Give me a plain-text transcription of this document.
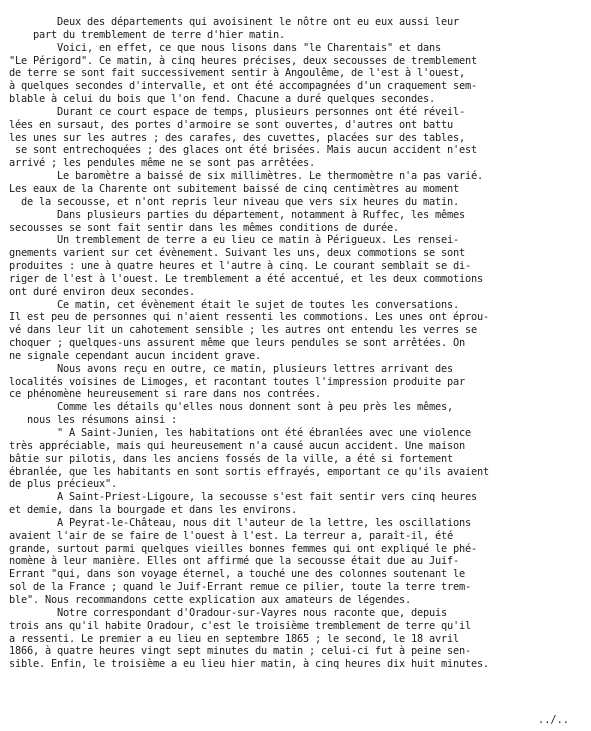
Deux des départements qui avoisinent le nôtre ont eu eux aussi leur
part du tremblement de terre d'hier matin.
Voici, en effet, ce que nous lisons dans "le Charentais" et dans
"Le Périgord". Ce matin, à cinq heures précises, deux secousses de tremblement
de terre se sont fait successivement sentir à Angoulême, de l'est à l'ouest,
à quelques secondes d'intervalle, et ont été accompagnées d'un craquement sem-
blable à celui du bois que l'on fend. Chacune a duré quelques secondes.
Durant ce court espace de temps, plusieurs personnes ont été réveil-
lées en sursaut, des portes d'armoire se sont ouvertes, d'autres ont battu
les unes sur les autres ; des carafes, des cuvettes, placées sur des tables,
se sont entrechoquées ; des glaces ont été brisées. Mais aucun accident n'est
arrivé ; les pendules même ne se sont pas arrêtées.
Le baromètre a baissé de six millimètres. Le thermomètre n'a pas varié.
Les eaux de la Charente ont subitement baissé de cinq centimètres au moment
de la secousse, et n'ont repris leur niveau que vers six heures du matin.
Dans plusieurs parties du département, notamment à Ruffec, les mêmes
secousses se sont fait sentir dans les mêmes conditions de durée.
Un tremblement de terre a eu lieu ce matin à Périgueux. Les rensei-
gnements varient sur cet évènement. Suivant les uns, deux commotions se sont
produites : une à quatre heures et l'autre à cinq. Le courant semblait se di-
riger de l'est à l'ouest. Le tremblement a été accentué, et les deux commotions
ont duré environ deux secondes.
Ce matin, cet évènement était le sujet de toutes les conversations.
Il est peu de personnes qui n'aient ressenti les commotions. Les unes ont éprou-
vé dans leur lit un cahotement sensible ; les autres ont entendu les verres se
choquer ; quelques-uns assurent même que leurs pendules se sont arrêtées. On
ne signale cependant aucun incident grave.
Nous avons reçu en outre, ce matin, plusieurs lettres arrivant des
localités voisines de Limoges, et racontant toutes l'impression produite par
ce phénomène heureusement si rare dans nos contrées.
Comme les détails qu'elles nous donnent sont à peu près les mêmes,
nous les résumons ainsi :
" A Saint-Junien, les habitations ont été ébranlées avec une violence
très appréciable, mais qui heureusement n'a causé aucun accident. Une maison
bâtie sur pilotis, dans les anciens fossés de la ville, a été si fortement
ébranlée, que les habitants en sont sortis effrayés, emportant ce qu'ils avaient
de plus précieux".
A Saint-Priest-Ligoure, la secousse s'est fait sentir vers cinq heures
et demie, dans la bourgade et dans les environs.
A Peyrat-le-Château, nous dit l'auteur de la lettre, les oscillations
avaient l'air de se faire de l'ouest à l'est. La terreur a, paraît-il, été
grande, surtout parmi quelques vieilles bonnes femmes qui ont expliqué le phé-
nomène à leur manière. Elles ont affirmé que la secousse était due au Juif-
Errant "qui, dans son voyage éternel, a touché une des colonnes soutenant le
sol de la France ; quand le Juif-Errant remue ce pilier, toute la terre trem-
ble". Nous recommandons cette explication aux amateurs de légendes.
Notre correspondant d'Oradour-sur-Vayres nous raconte que, depuis
trois ans qu'il habite Oradour, c'est le troisième tremblement de terre qu'il
a ressenti. Le premier a eu lieu en septembre 1865 ; le second, le 18 avril
1866, à quatre heures vingt sept minutes du matin ; celui-ci fut à peine sen-
sible. Enfin, le troisième a eu lieu hier matin, à cinq heures dix huit minutes.
../..
